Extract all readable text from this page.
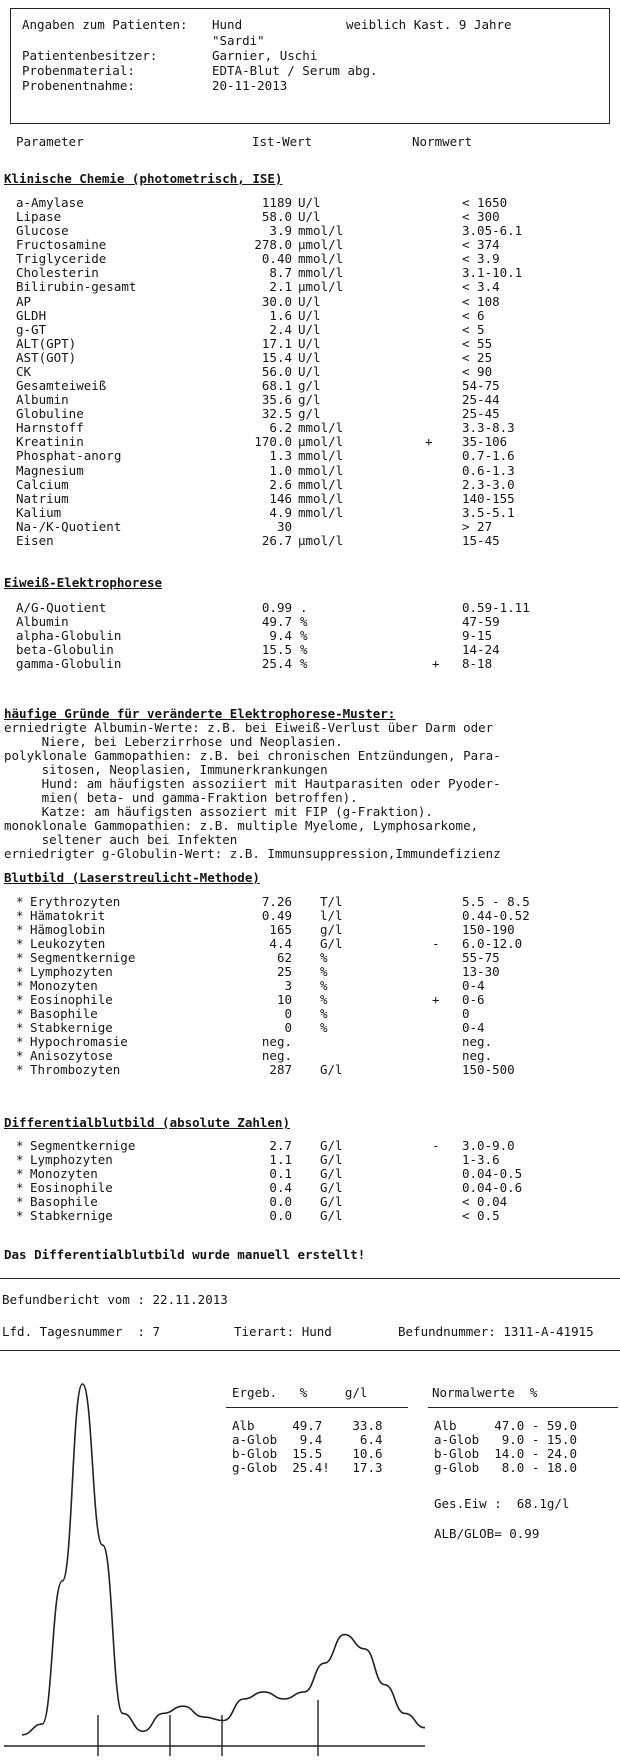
Angaben zum Patienten: Hund	weiblich Kast. 9 Jahre
"Sardi"
Patientenbesitzer:	Garnier, Uschi
Probenmaterial:	EDTA-Blut / Serum abg.
Probenentnahme:	20-11-2013
Parameter	Ist-Wert	Normwert
Klinische Chemie (photometrisch, ISE)
a-Amylase	1189 U/l	< 1650
Lipase	58.0 U/l	< 300
Glucose	3.9 mmol/l	3.05-6.1
Fructosamine	278.0 µmol/l	< 374
Triglyceride	0.40 mmol/l	< 3.9
Cholesterin	8.7 mmol/l	3.1-10.1
Bilirubin-gesamt	2.1 µmol/l	< 3.4
AP	30.0 U/l	< 108
GLDH	1.6 U/l	< 6
g-GT	2.4 U/l	< 5
ALT(GPT)	17.1 U/l	< 55
AST(GOT)	15.4 U/l	< 25
CK	56.0 U/l	< 90
Gesamteiweiß	68.1 g/l	54-75
Albumin	35.6 g/l	25-44
Globuline	32.5 g/l	25-45
Harnstoff	6.2 mmol/l	3.3-8.3
Kreatinin	170.0 µmol/l	+ 35-106
Phosphat-anorg	1.3 mmol/l	0.7-1.6
Magnesium	1.0 mmol/l	0.6-1.3
Calcium	2.6 mmol/l	2.3-3.0
Natrium	146 mmol/l	140-155
Kalium	4.9 mmol/l	3.5-5.1
Na-/K-Quotient	30	> 27
Eisen	26.7 µmol/l	15-45
Eiweiß-Elektrophorese
A/G-Quotient	0.99 .	0.59-1.11
Albumin	49.7 %	47-59
alpha-Globulin	9.4 %	9-15
beta-Globulin	15.5 %	14-24
gamma-Globulin	25.4 %	+ 8-18
häufige Gründe für veränderte Elektrophorese-Muster:
erniedrigte Albumin-Werte: z.B. bei Eiweiß-Verlust über Darm oder
Niere, bei Leberzirrhose und Neoplasien.
polyklonale Gammopathien: z.B. bei chronischen Entzündungen, Para-
sitosen, Neoplasien, Immunerkrankungen
Hund: am häufigsten assoziiert mit Hautparasiten oder Pyoder-
mien( beta- und gamma-Fraktion betroffen).
Katze: am häufigsten assoziert mit FIP (g-Fraktion).
monoklonale Gammopathien: z.B. multiple Myelome, Lymphosarkome,
seltener auch bei Infekten
erniedrigter g-Globulin-Wert: z.B. Immunsuppression,Immundefizienz
Blutbild (Laserstreulicht-Methode)
* Erythrozyten	7.26 T/l	5.5 - 8.5
* Hämatokrit	0.49 l/l	0.44-0.52
* Hämoglobin	165 g/l	150-190
* Leukozyten	4.4 G/l	- 6.0-12.0
* Segmentkernige	62 %	55-75
* Lymphozyten	25 %	13-30
* Monozyten	3 %	0-4
* Eosinophile	10 %	+ 0-6
* Basophile	0 %	0
* Stabkernige	0 %	0-4
* Hypochromasie	neg.	neg.
* Anisozytose	neg.	neg.
* Thrombozyten	287 G/l	150-500
Differentialblutbild (absolute Zahlen)
* Segmentkernige	2.7 G/l	- 3.0-9.0
* Lymphozyten	1.1 G/l	1-3.6
* Monozyten	0.1 G/l	0.04-0.5
* Eosinophile	0.4 G/l	0.04-0.6
* Basophile	0.0 G/l	< 0.04
* Stabkernige	0.0 G/l	< 0.5
Das Differentialblutbild wurde manuell erstellt!
Befundbericht vom : 22.11.2013
Lfd. Tagesnummer  : 7	Tierart: Hund	Befundnummer: 1311-A-41915
Ergeb.   %     g/l
Alb     49.7    33.8
a-Glob   9.4     6.4
b-Glob  15.5    10.6
g-Glob  25.4!   17.3
Normalwerte  %
Alb     47.0 - 59.0
a-Glob   9.0 - 15.0
b-Glob  14.0 - 24.0
g-Glob   8.0 - 18.0
Ges.Eiw :  68.1g/l
ALB/GLOB= 0.99
